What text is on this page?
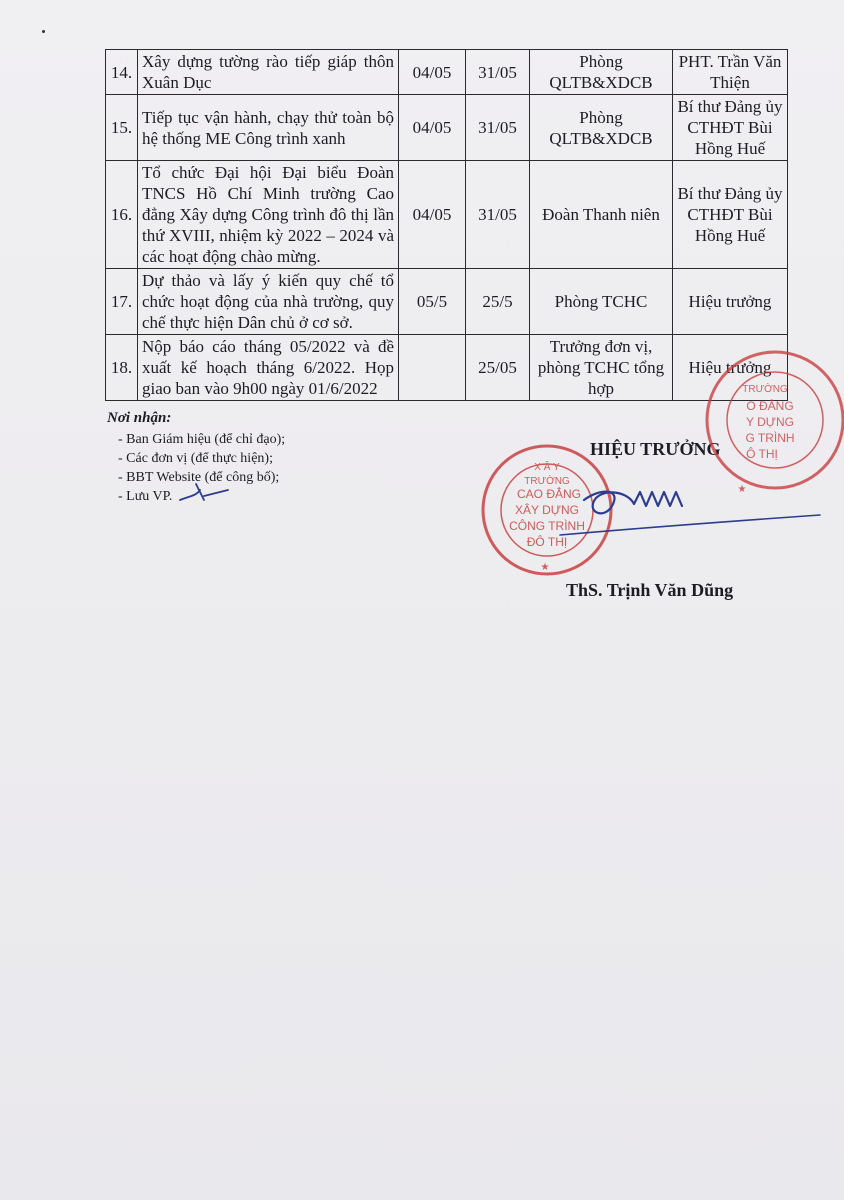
14.	Xây dựng tường rào tiếp giáp thôn Xuân Dục	04/05	31/05	Phòng QLTB&XDCB	PHT. Trần Văn Thiện
15.	Tiếp tục vận hành, chạy thử toàn bộ hệ thống ME Công trình xanh	04/05	31/05	Phòng QLTB&XDCB	Bí thư Đảng ủy CTHĐT Bùi Hồng Huế
16.	Tổ chức Đại hội Đại biểu Đoàn TNCS Hồ Chí Minh trường Cao đẳng Xây dựng Công trình đô thị lần thứ XVIII, nhiệm kỳ 2022 – 2024 và các hoạt động chào mừng.	04/05	31/05	Đoàn Thanh niên	Bí thư Đảng ủy CTHĐT Bùi Hồng Huế
17.	Dự thảo và lấy ý kiến quy chế tổ chức hoạt động của nhà trường, quy chế thực hiện Dân chủ ở cơ sở.	05/5	25/5	Phòng TCHC	Hiệu trưởng
18.	Nộp báo cáo tháng 05/2022 và đề xuất kế hoạch tháng 6/2022. Họp giao ban vào 9h00 ngày 01/6/2022		25/05	Trưởng đơn vị, phòng TCHC tổng hợp	Hiệu trưởng
Nơi nhận:
- Ban Giám hiệu (để chỉ đạo);
- Các đơn vị (để thực hiện);
- BBT Website (để công bố);
- Lưu VP.
HIỆU TRƯỞNG
ThS. Trịnh Văn Dũng
X Â Y
TRƯỜNG
CAO ĐẲNG
XÂY DỰNG
CÔNG TRÌNH
ĐÔ THỊ
★
TRƯỜNG
O ĐẲNG
Y DỰNG
G TRÌNH
Ô THỊ
★
